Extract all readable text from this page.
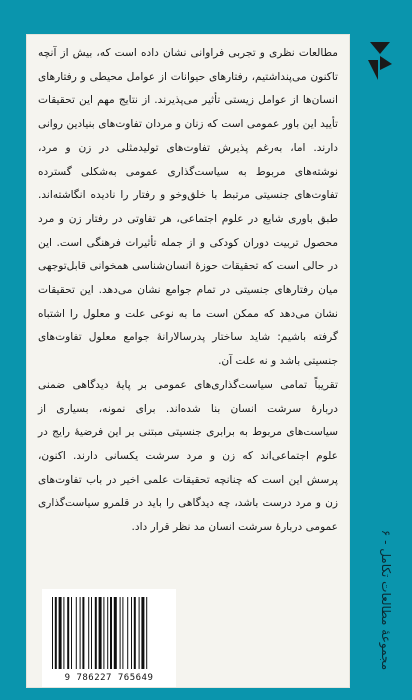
مطالعات نظری و تجربی فراوانی نشان داده است که، بیش از آنچه تاکنون می‌پنداشتیم، رفتارهای حیوانات از عوامل محیطی و رفتارهای انسان‌ها از عوامل زیستی تأثیر می‌پذیرند. از نتایج مهم این تحقیقات تأیید این باور عمومی است که زنان و مردان تفاوت‌های بنیادین روانی دارند. اما، به‌رغم پذیرش تفاوت‌های تولیدمثلی در زن و مرد، نوشته‌های مربوط به سیاست‌گذاری عمومی به‌شکلی گسترده تفاوت‌های جنسیتی مرتبط با خلق‌وخو و رفتار را نادیده انگاشته‌اند. طبق باوری شایع در علوم اجتماعی، هر تفاوتی در رفتار زن و مرد محصول تربیت دوران کودکی و از جمله تأثیرات فرهنگی است. این در حالی است که تحقیقات حوزهٔ انسان‌شناسی همخوانی قابل‌توجهی میان رفتارهای جنسیتی در تمام جوامع نشان می‌دهد. این تحقیقات نشان می‌دهد که ممکن است ما به نوعی علت و معلول را اشتباه گرفته باشیم: شاید ساختار پدرسالارانهٔ جوامع معلول تفاوت‌های جنسیتی باشد و نه علت آن.

تقریباً تمامی سیاست‌گذاری‌های عمومی بر پایهٔ دیدگاهی ضمنی دربارهٔ سرشت انسان بنا شده‌اند. برای نمونه، بسیاری از سیاست‌های مربوط به برابری جنسیتی مبتنی بر این فرضیهٔ رایج در علوم اجتماعی‌اند که زن و مرد سرشت یکسانی دارند. اکنون، پرسش این است که چنانچه تحقیقات علمی اخیر در باب تفاوت‌های زن و مرد درست باشد، چه دیدگاهی را باید در قلمرو سیاست‌گذاری عمومی دربارهٔ سرشت انسان مد نظر قرار داد.

9 786227 765649
مجموعهٔ مطالعات تکامل - ۶
